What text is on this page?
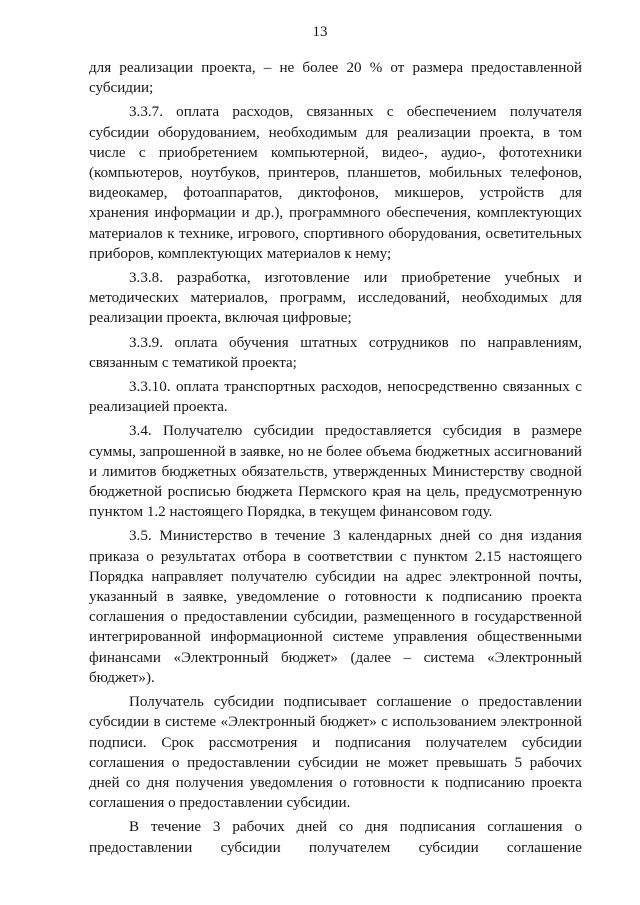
13

для реализации проекта, – не более 20 % от размера предоставленной субсидии;

3.3.7. оплата расходов, связанных с обеспечением получателя субсидии оборудованием, необходимым для реализации проекта, в том числе с приобретением компьютерной, видео-, аудио-, фототехники (компьютеров, ноутбуков, принтеров, планшетов, мобильных телефонов, видеокамер, фотоаппаратов, диктофонов, микшеров, устройств для хранения информации и др.), программного обеспечения, комплектующих материалов к технике, игрового, спортивного оборудования, осветительных приборов, комплектующих материалов к нему;

3.3.8. разработка, изготовление или приобретение учебных и методических материалов, программ, исследований, необходимых для реализации проекта, включая цифровые;

3.3.9. оплата обучения штатных сотрудников по направлениям, связанным с тематикой проекта;

3.3.10. оплата транспортных расходов, непосредственно связанных с реализацией проекта.

3.4. Получателю субсидии предоставляется субсидия в размере суммы, запрошенной в заявке, но не более объема бюджетных ассигнований и лимитов бюджетных обязательств, утвержденных Министерству сводной бюджетной росписью бюджета Пермского края на цель, предусмотренную пунктом 1.2 настоящего Порядка, в текущем финансовом году.

3.5. Министерство в течение 3 календарных дней со дня издания приказа о результатах отбора в соответствии с пунктом 2.15 настоящего Порядка направляет получателю субсидии на адрес электронной почты, указанный в заявке, уведомление о готовности к подписанию проекта соглашения о предоставлении субсидии, размещенного в государственной интегрированной информационной системе управления общественными финансами «Электронный бюджет» (далее – система «Электронный бюджет»).

Получатель субсидии подписывает соглашение о предоставлении субсидии в системе «Электронный бюджет» с использованием электронной подписи. Срок рассмотрения и подписания получателем субсидии соглашения о предоставлении субсидии не может превышать 5 рабочих дней со дня получения уведомления о готовности к подписанию проекта соглашения о предоставлении субсидии.

В течение 3 рабочих дней со дня подписания соглашения о предоставлении субсидии получателем субсидии соглашение
